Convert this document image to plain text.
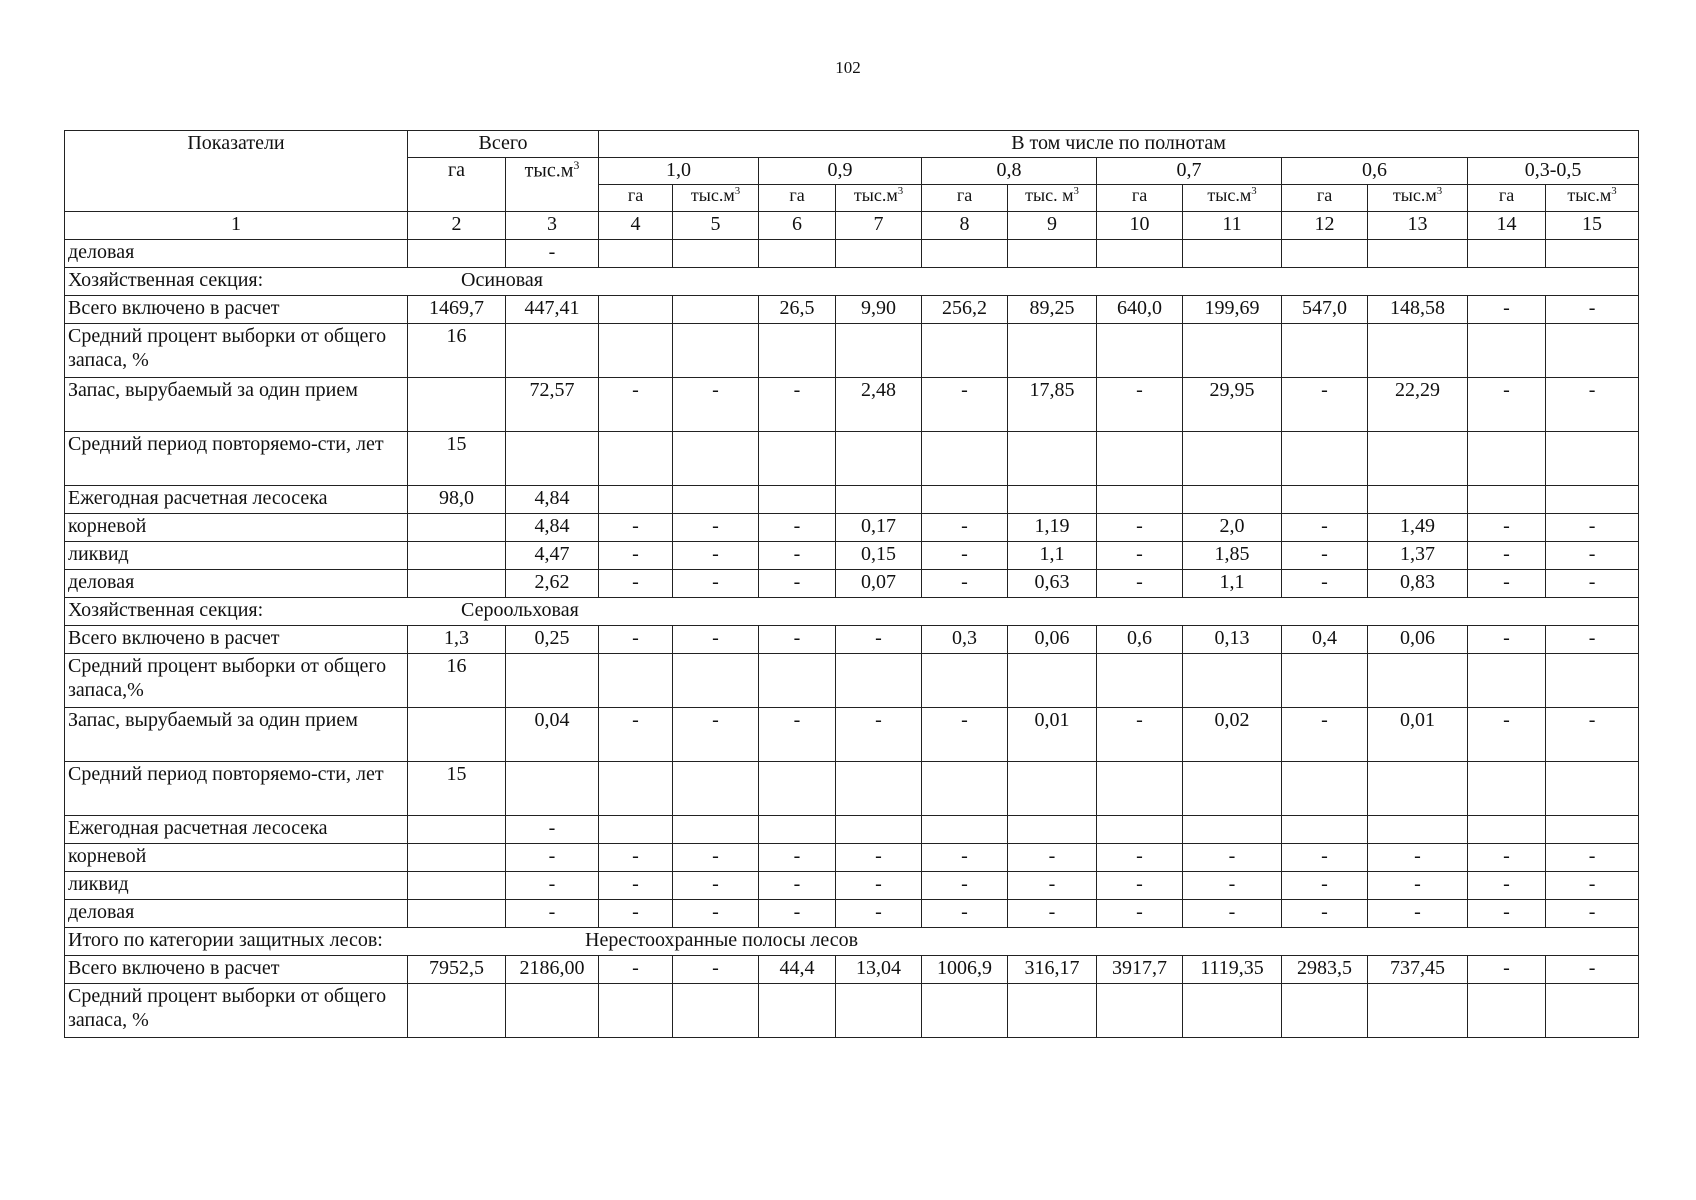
102
Показатели	Всего		В том числе по полнотам											
	га	$тыс.м^3$	1,0		0,9		0,8		0,7		0,6		0,3-0,5	
			га	$тыс.м^3$	га	$тыс.м^3$	га	тыс. $м^3$	га	$тыс.м^3$	га	$тыс.м^3$	га	$тыс.м^3$
1	2	3	4	5	6	7	8	9	10	11	12	13	14	15
деловая		-												
Хозяйственная секция: Осиновая														

Всего включено в расчет	1469,7	447,41			26,5	9,90	256,2	89,25	640,0	199,69	547,0	148,58	-	-
Средний процент выборки от общего запаса, %	16													
Запас, вырубаемый за один прием		72,57	-	-	-	2,48	-	17,85	-	29,95	-	22,29	-	-
Средний период повторяемо-сти, лет	15													
Ежегодная расчетная лесосека	98,0	4,84												
корневой		4,84	-	-	-	0,17	-	1,19	-	2,0	-	1,49	-	-
ликвид		4,47	-	-	-	0,15	-	1,1	-	1,85	-	1,37	-	-
деловая		2,62	-	-	-	0,07	-	0,63	-	1,1	-	0,83	-	-
Хозяйственная секция: Сероольховая														

Всего включено в расчет	1,3	0,25	-	-	-	-	0,3	0,06	0,6	0,13	0,4	0,06	-	-
Средний процент выборки от общего запаса,%	16													
Запас, вырубаемый за один прием		0,04	-	-	-	-	-	0,01	-	0,02	-	0,01	-	-
Средний период повторяемо-сти, лет	15													
Ежегодная расчетная лесосека		-												
корневой		-	-	-	-	-	-	-	-	-	-	-	-	-
ликвид		-	-	-	-	-	-	-	-	-	-	-	-	-
деловая		-	-	-	-	-	-	-	-	-	-	-	-	-
Итого по категории защитных лесов: Нерестоохранные полосы лесов														

Всего включено в расчет	7952,5	2186,00	-	-	44,4	13,04	1006,9	316,17	3917,7	1119,35	2983,5	737,45	-	-
Средний процент выборки от общего запаса, %														
